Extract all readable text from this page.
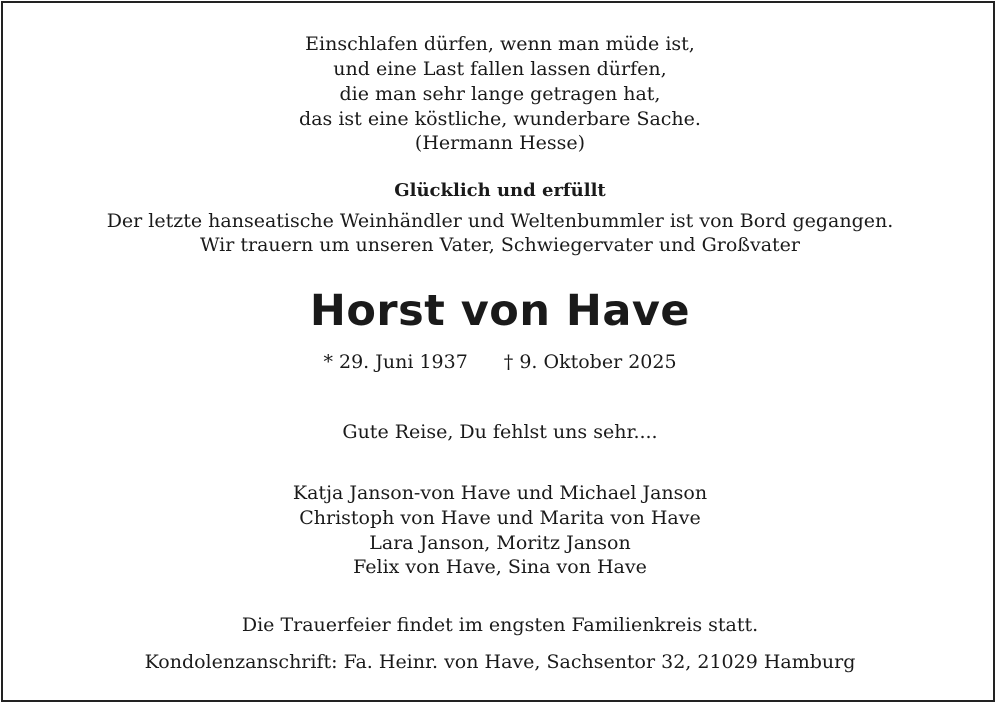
Einschlafen dürfen, wenn man müde ist,
und eine Last fallen lassen dürfen,
die man sehr lange getragen hat,
das ist eine köstliche, wunderbare Sache.
(Hermann Hesse)
Glücklich und erfüllt
Der letzte hanseatische Weinhändler und Weltenbummler ist von Bord gegangen.
Wir trauern um unseren Vater, Schwiegervater und Großvater
Horst von Have
* 29. Juni 1937 † 9. Oktober 2025
Gute Reise, Du fehlst uns sehr....
Katja Janson-von Have und Michael Janson
Christoph von Have und Marita von Have
Lara Janson, Moritz Janson
Felix von Have, Sina von Have
Die Trauerfeier findet im engsten Familienkreis statt.
Kondolenzanschrift: Fa. Heinr. von Have, Sachsentor 32, 21029 Hamburg
